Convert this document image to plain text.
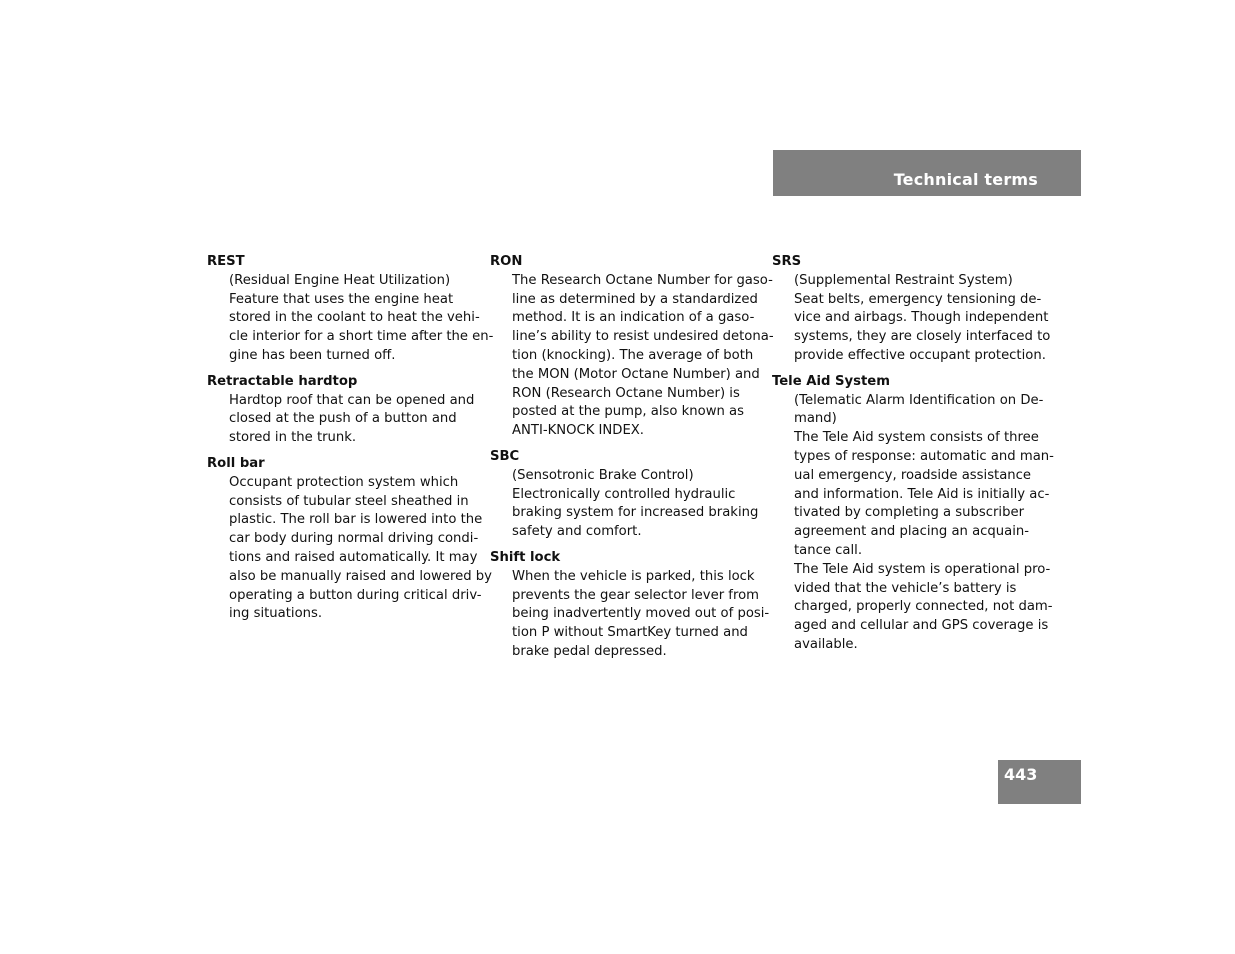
Technical terms
REST
(Residual Engine Heat Utilization)
Feature that uses the engine heat
stored in the coolant to heat the vehi-
cle interior for a short time after the en-
gine has been turned off.
Retractable hardtop
Hardtop roof that can be opened and
closed at the push of a button and
stored in the trunk.
Roll bar
Occupant protection system which
consists of tubular steel sheathed in
plastic. The roll bar is lowered into the
car body during normal driving condi-
tions and raised automatically. It may
also be manually raised and lowered by
operating a button during critical driv-
ing situations.
RON
The Research Octane Number for gaso-
line as determined by a standardized
method. It is an indication of a gaso-
line’s ability to resist undesired detona-
tion (knocking). The average of both
the MON (Motor Octane Number) and
RON (Research Octane Number) is
posted at the pump, also known as
ANTI-KNOCK INDEX.
SBC
(Sensotronic Brake Control)
Electronically controlled hydraulic
braking system for increased braking
safety and comfort.
Shift lock
When the vehicle is parked, this lock
prevents the gear selector lever from
being inadvertently moved out of posi-
tion P without SmartKey turned and
brake pedal depressed.
SRS
(Supplemental Restraint System)
Seat belts, emergency tensioning de-
vice and airbags. Though independent
systems, they are closely interfaced to
provide effective occupant protection.
Tele Aid System
(Telematic Alarm Identification on De-
mand)
The Tele Aid system consists of three
types of response: automatic and man-
ual emergency, roadside assistance
and information. Tele Aid is initially ac-
tivated by completing a subscriber
agreement and placing an acquain-
tance call.
The Tele Aid system is operational pro-
vided that the vehicle’s battery is
charged, properly connected, not dam-
aged and cellular and GPS coverage is
available.
443
